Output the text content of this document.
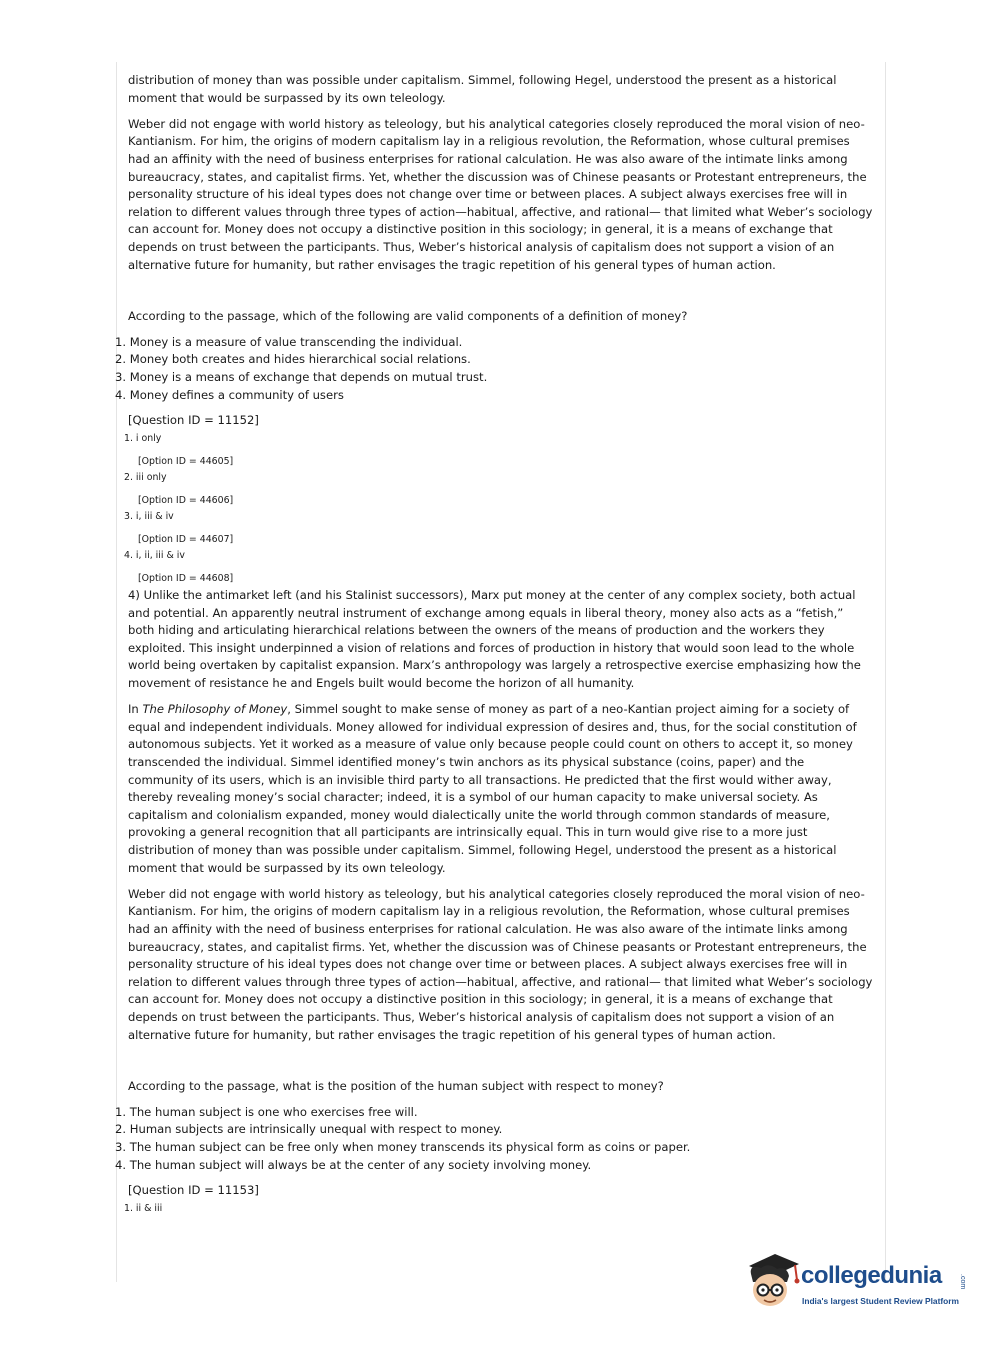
distribution of money than was possible under capitalism. Simmel, following Hegel, understood the present as a historical moment that would be surpassed by its own teleology.

Weber did not engage with world history as teleology, but his analytical categories closely reproduced the moral vision of neo-Kantianism. For him, the origins of modern capitalism lay in a religious revolution, the Reformation, whose cultural premises had an affinity with the need of business enterprises for rational calculation. He was also aware of the intimate links among bureaucracy, states, and capitalist firms. Yet, whether the discussion was of Chinese peasants or Protestant entrepreneurs, the personality structure of his ideal types does not change over time or between places. A subject always exercises free will in relation to different values through three types of action—habitual, affective, and rational— that limited what Weber’s sociology can account for. Money does not occupy a distinctive position in this sociology; in general, it is a means of exchange that depends on trust between the participants. Thus, Weber’s historical analysis of capitalism does not support a vision of an alternative future for humanity, but rather envisages the tragic repetition of his general types of human action.

According to the passage, which of the following are valid components of a definition of money?
1. Money is a measure of value transcending the individual.
2. Money both creates and hides hierarchical social relations.
3. Money is a means of exchange that depends on mutual trust.
4. Money defines a community of users
[Question ID = 11152]
1. i only
[Option ID = 44605]
2. iii only
[Option ID = 44606]
3. i, iii & iv
[Option ID = 44607]
4. i, ii, iii & iv
[Option ID = 44608]

4) Unlike the antimarket left (and his Stalinist successors), Marx put money at the center of any complex society, both actual and potential. An apparently neutral instrument of exchange among equals in liberal theory, money also acts as a “fetish,” both hiding and articulating hierarchical relations between the owners of the means of production and the workers they exploited. This insight underpinned a vision of relations and forces of production in history that would soon lead to the whole world being overtaken by capitalist expansion. Marx’s anthropology was largely a retrospective exercise emphasizing how the movement of resistance he and Engels built would become the horizon of all humanity.

In The Philosophy of Money, Simmel sought to make sense of money as part of a neo-Kantian project aiming for a society of equal and independent individuals. Money allowed for individual expression of desires and, thus, for the social constitution of autonomous subjects. Yet it worked as a measure of value only because people could count on others to accept it, so money transcended the individual. Simmel identified money’s twin anchors as its physical substance (coins, paper) and the community of its users, which is an invisible third party to all transactions. He predicted that the first would wither away, thereby revealing money’s social character; indeed, it is a symbol of our human capacity to make universal society. As capitalism and colonialism expanded, money would dialectically unite the world through common standards of measure, provoking a general recognition that all participants are intrinsically equal. This in turn would give rise to a more just distribution of money than was possible under capitalism. Simmel, following Hegel, understood the present as a historical moment that would be surpassed by its own teleology.

Weber did not engage with world history as teleology, but his analytical categories closely reproduced the moral vision of neo-Kantianism. For him, the origins of modern capitalism lay in a religious revolution, the Reformation, whose cultural premises had an affinity with the need of business enterprises for rational calculation. He was also aware of the intimate links among bureaucracy, states, and capitalist firms. Yet, whether the discussion was of Chinese peasants or Protestant entrepreneurs, the personality structure of his ideal types does not change over time or between places. A subject always exercises free will in relation to different values through three types of action—habitual, affective, and rational— that limited what Weber’s sociology can account for. Money does not occupy a distinctive position in this sociology; in general, it is a means of exchange that depends on trust between the participants. Thus, Weber’s historical analysis of capitalism does not support a vision of an alternative future for humanity, but rather envisages the tragic repetition of his general types of human action.

According to the passage, what is the position of the human subject with respect to money?
1. The human subject is one who exercises free will.
2. Human subjects are intrinsically unequal with respect to money.
3. The human subject can be free only when money transcends its physical form as coins or paper.
4. The human subject will always be at the center of any society involving money.
[Question ID = 11153]
1. ii & iii
collegedunia .com
India's largest Student Review Platform
